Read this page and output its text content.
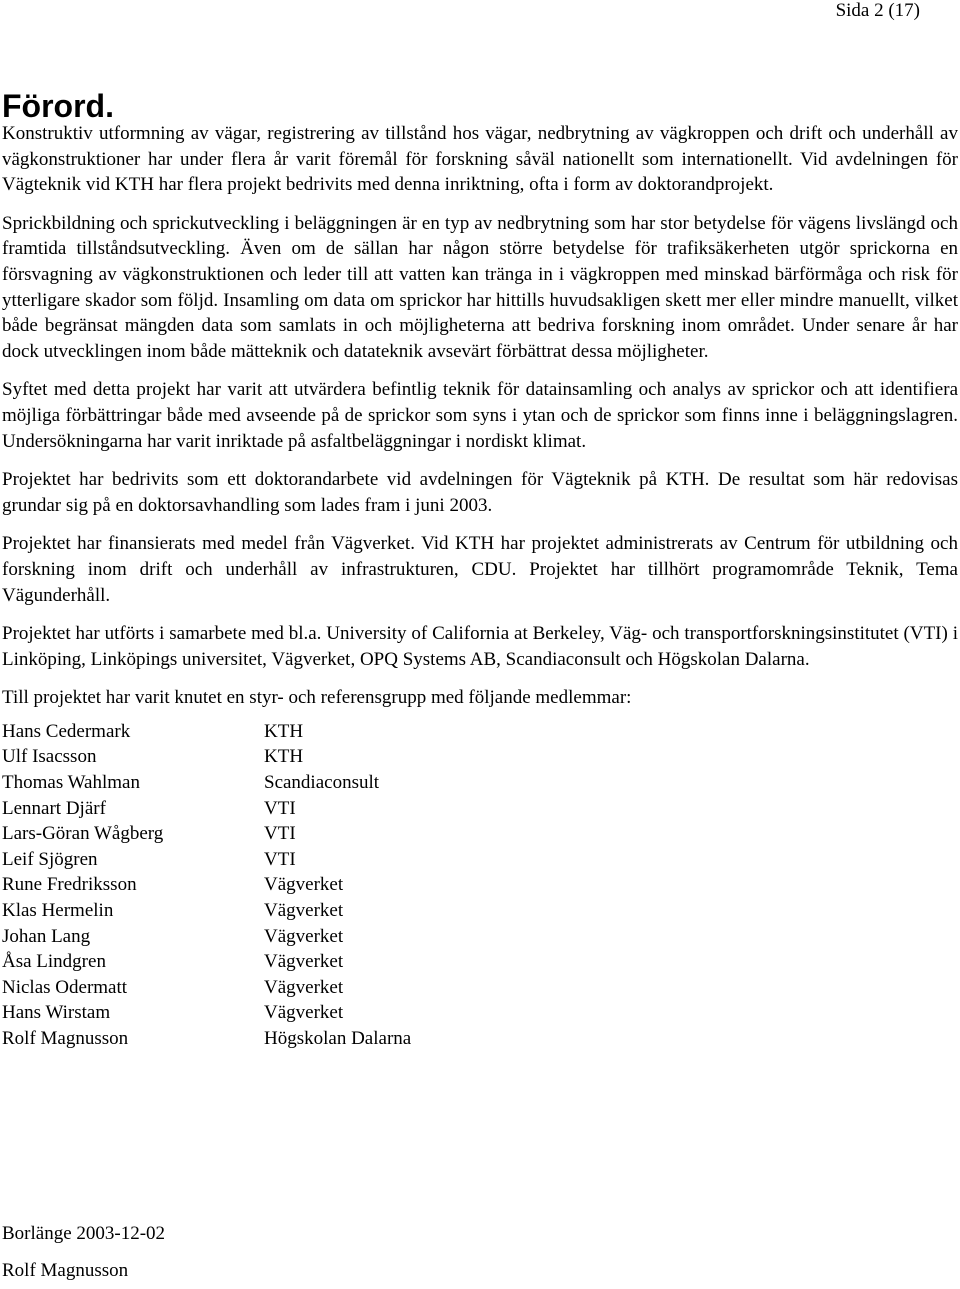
Sida 2 (17)
Förord.

Konstruktiv utformning av vägar, registrering av tillstånd hos vägar, nedbrytning av vägkroppen och drift och underhåll av vägkonstruktioner har under flera år varit föremål för forskning såväl nationellt som internationellt. Vid avdelningen för Vägteknik vid KTH har flera projekt bedrivits med denna inriktning, ofta i form av doktorandprojekt.

Sprickbildning och sprickutveckling i beläggningen är en typ av nedbrytning som har stor betydelse för vägens livslängd och framtida tillståndsutveckling. Även om de sällan har någon större betydelse för trafiksäkerheten utgör sprickorna en försvagning av vägkonstruktionen och leder till att vatten kan tränga in i vägkroppen med minskad bärförmåga och risk för ytterligare skador som följd. Insamling om data om sprickor har hittills huvudsakligen skett mer eller mindre manuellt, vilket både begränsat mängden data som samlats in och möjligheterna att bedriva forskning inom området. Under senare år har dock utvecklingen inom både mätteknik och datateknik avsevärt förbättrat dessa möjligheter.

Syftet med detta projekt har varit att utvärdera befintlig teknik för datainsamling och analys av sprickor och att identifiera möjliga förbättringar både med avseende på de sprickor som syns i ytan och de sprickor som finns inne i beläggningslagren. Undersökningarna har varit inriktade på asfaltbeläggningar i nordiskt klimat.

Projektet har bedrivits som ett doktorandarbete vid avdelningen för Vägteknik på KTH. De resultat som här redovisas grundar sig på en doktorsavhandling som lades fram i juni 2003.

Projektet har finansierats med medel från Vägverket. Vid KTH har projektet administrerats av Centrum för utbildning och forskning inom drift och underhåll av infrastrukturen, CDU. Projektet har tillhört programområde Teknik, Tema Vägunderhåll.

Projektet har utförts i samarbete med bl.a. University of California at Berkeley, Väg- och transportforskningsinstitutet (VTI) i Linköping, Linköpings universitet, Vägverket, OPQ Systems AB, Scandiaconsult och Högskolan Dalarna.

Till projektet har varit knutet en styr- och referensgrupp med följande medlemmar:

Hans Cedermark	KTH
Ulf Isacsson	KTH
Thomas Wahlman	Scandiaconsult
Lennart Djärf	VTI
Lars-Göran Wågberg	VTI
Leif Sjögren	VTI
Rune Fredriksson	Vägverket
Klas Hermelin	Vägverket
Johan Lang	Vägverket
Åsa Lindgren	Vägverket
Niclas Odermatt	Vägverket
Hans Wirstam	Vägverket
Rolf Magnusson	Högskolan Dalarna
Borlänge 2003-12-02
Rolf Magnusson
